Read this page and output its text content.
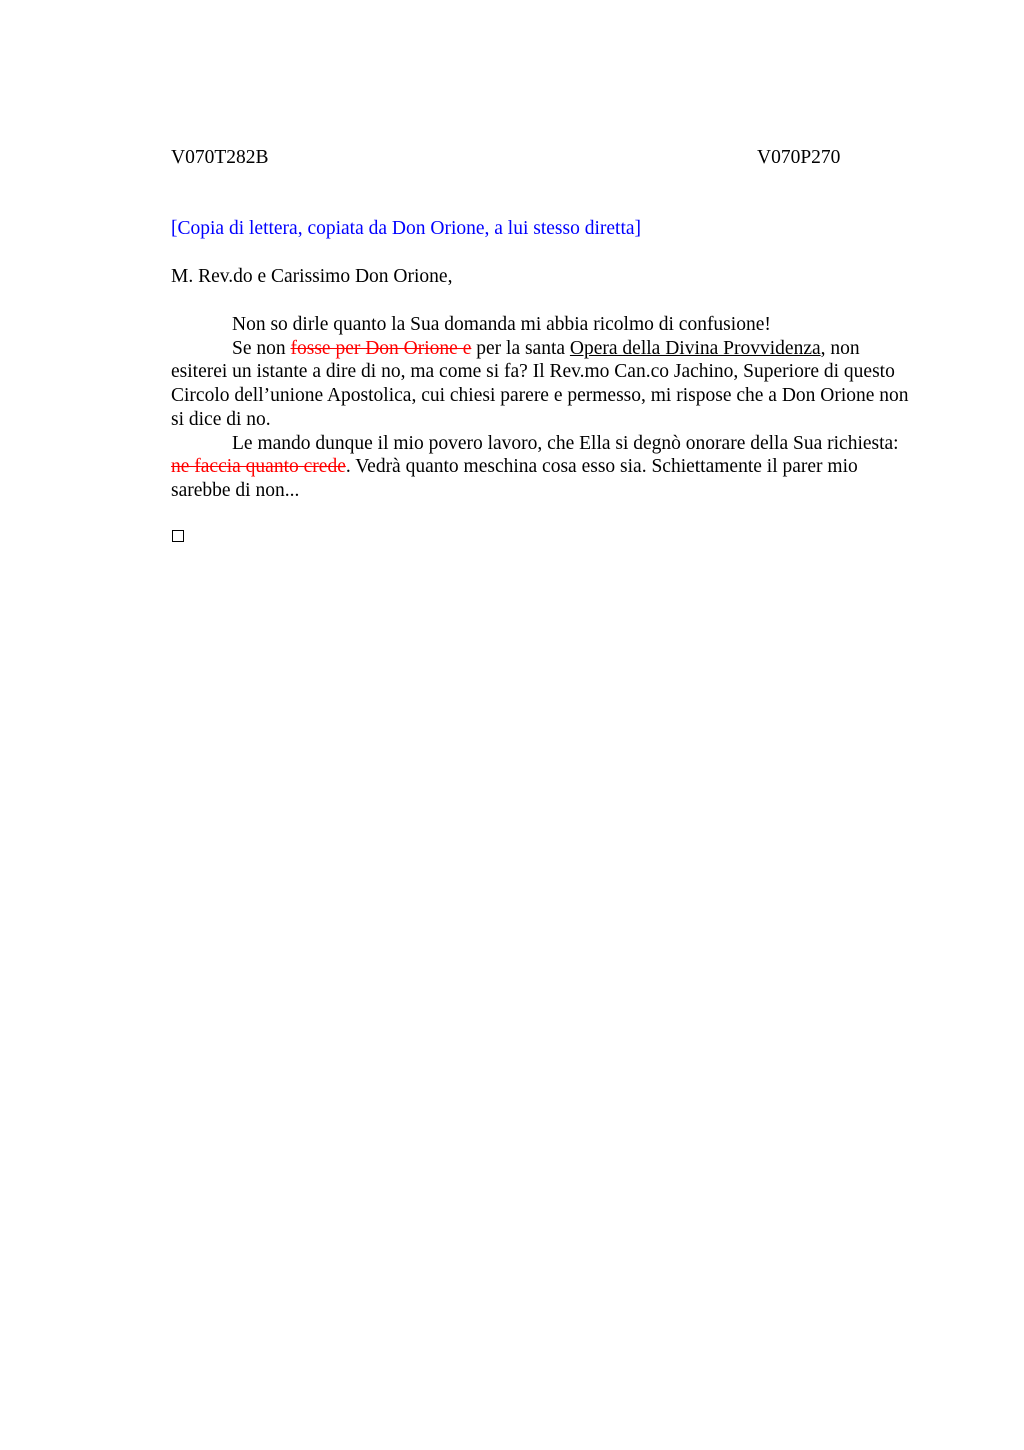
V070T282B	V070P270
[Copia di lettera, copiata da Don Orione, a lui stesso diretta]
M. Rev.do e Carissimo Don Orione,

Non so dirle quanto la Sua domanda mi abbia ricolmo di confusione!

Se non fosse per Don Orione e per la santa Opera della Divina Provvidenza, non esiterei un istante a dire di no, ma come si fa? Il Rev.mo Can.co Jachino, Superiore di questo Circolo dell’unione Apostolica, cui chiesi parere e permesso, mi rispose che a Don Orione non si dice di no.

Le mando dunque il mio povero lavoro, che Ella si degnò onorare della Sua richiesta: ne faccia quanto crede. Vedrà quanto meschina cosa esso sia. Schiettamente il parer mio sarebbe di non...
